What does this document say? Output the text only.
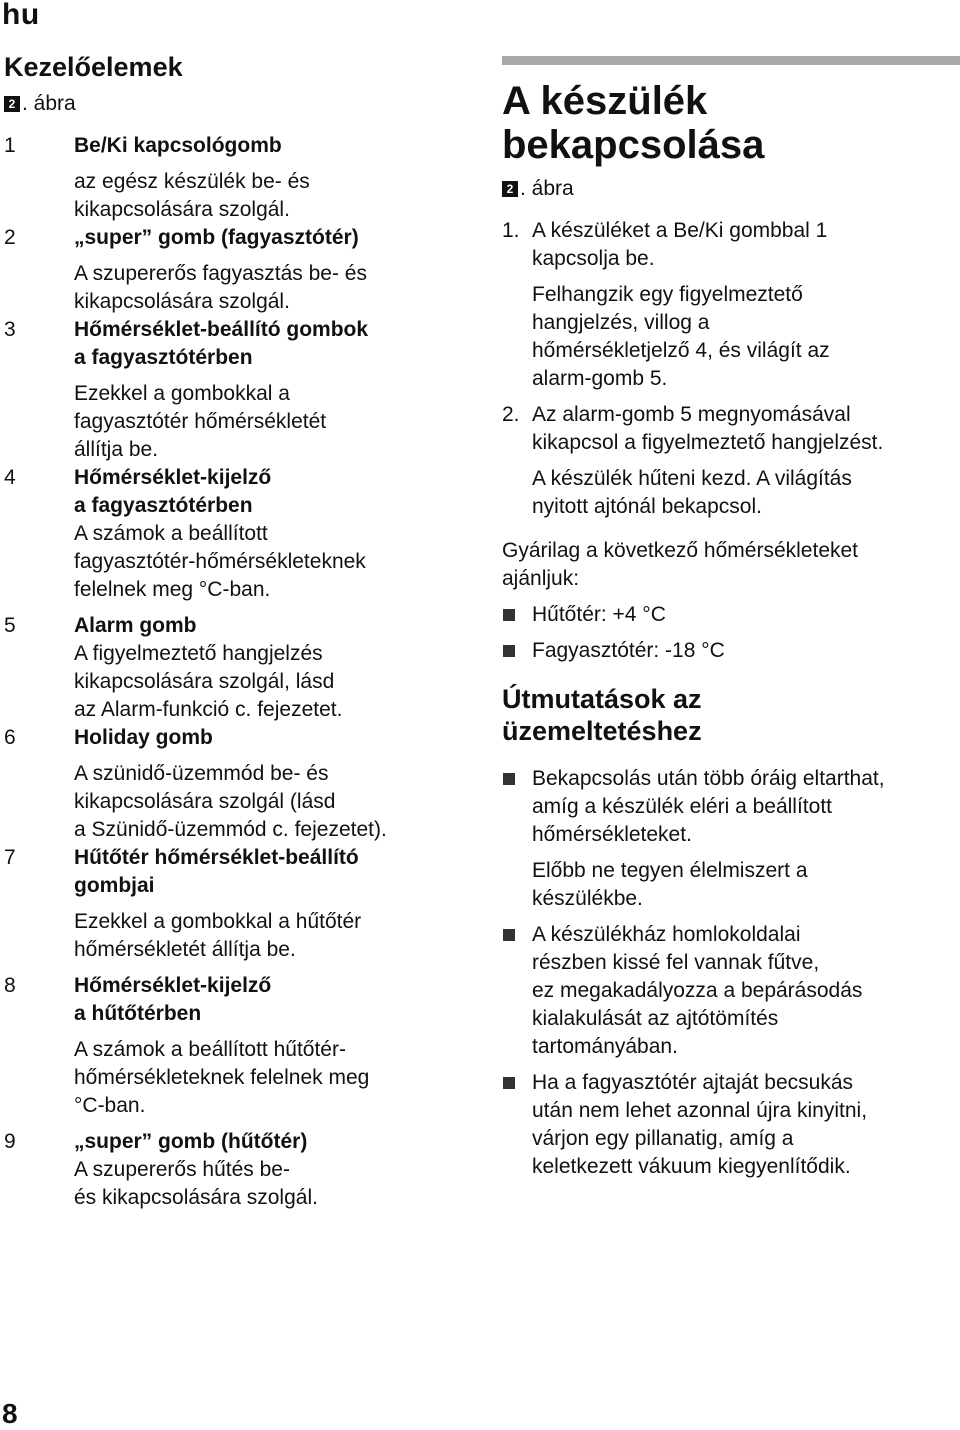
hu
Kezelőelemek
2 . ábra
1	Be/Ki kapcsológomb
az egész készülék be- és
kikapcsolására szolgál.
2	„super” gomb (fagyasztótér)
A szupererős fagyasztás be- és
kikapcsolására szolgál.
3	Hőmérséklet-beállító gombok
a fagyasztótérben
Ezekkel a gombokkal a
fagyasztótér hőmérsékletét
állítja be.
4	Hőmérséklet-kijelző
a fagyasztótérben
A számok a beállított
fagyasztótér-hőmérsékleteknek
felelnek meg °C-ban.
5	Alarm gomb
A figyelmeztető hangjelzés
kikapcsolására szolgál, lásd
az Alarm-funkció c. fejezetet.
6	Holiday gomb
A szünidő-üzemmód be- és
kikapcsolására szolgál (lásd
a Szünidő-üzemmód c. fejezetet).
7	Hűtőtér hőmérséklet-beállító
gombjai
Ezekkel a gombokkal a hűtőtér
hőmérsékletét állítja be.
8	Hőmérséklet-kijelző
a hűtőtérben
A számok a beállított hűtőtér-
hőmérsékleteknek felelnek meg
°C-ban.
9	„super” gomb (hűtőtér)
A szupererős hűtés be-
és kikapcsolására szolgál.
A készülék
bekapcsolása
2 . ábra
1. A készüléket a Be/Ki gombbal 1
kapcsolja be.
Felhangzik egy figyelmeztető
hangjelzés, villog a
hőmérsékletjelző 4, és világít az
alarm-gomb 5.
2. Az alarm-gomb 5 megnyomásával
kikapcsol a figyelmeztető hangjelzést.
A készülék hűteni kezd. A világítás
nyitott ajtónál bekapcsol.
Gyárilag a következő hőmérsékleteket
ajánljuk:
Hűtőtér: +4 °C
Fagyasztótér: -18 °C
Útmutatások az
üzemeltetéshez
Bekapcsolás után több óráig eltarthat,
amíg a készülék eléri a beállított
hőmérsékleteket.
Előbb ne tegyen élelmiszert a
készülékbe.
A készülékház homlokoldalai
részben kissé fel vannak fűtve,
ez megakadályozza a bepárásodás
kialakulását az ajtótömítés
tartományában.
Ha a fagyasztótér ajtaját becsukás
után nem lehet azonnal újra kinyitni,
várjon egy pillanatig, amíg a
keletkezett vákuum kiegyenlítődik.
8
